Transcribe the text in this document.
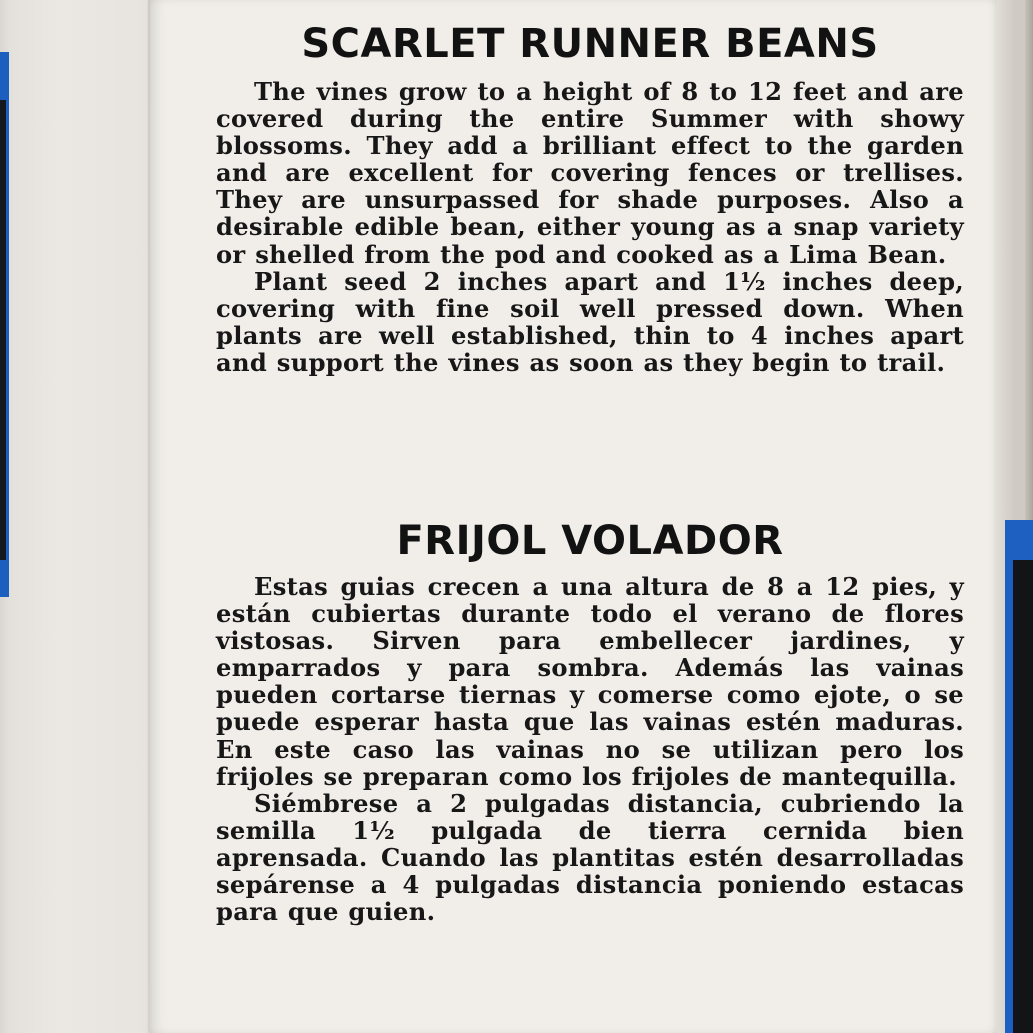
SCARLET RUNNER BEANS

The vines grow to a height of 8 to 12 feet and are covered during the entire Summer with showy blossoms. They add a brilliant effect to the garden and are excellent for covering fences or trellises. They are unsurpassed for shade purposes. Also a desirable edible bean, either young as a snap variety or shelled from the pod and cooked as a Lima Bean.

Plant seed 2 inches apart and 1½ inches deep, covering with fine soil well pressed down. When plants are well established, thin to 4 inches apart and support the vines as soon as they begin to trail.

FRIJOL VOLADOR

Estas guias crecen a una altura de 8 a 12 pies, y están cubiertas durante todo el verano de flores vistosas. Sirven para embellecer jardines, y emparrados y para sombra. Además las vainas pueden cortarse tiernas y comerse como ejote, o se puede esperar hasta que las vainas estén maduras. En este caso las vainas no se utilizan pero los frijoles se preparan como los frijoles de mantequilla.

Siémbrese a 2 pulgadas distancia, cubriendo la semilla 1½ pulgada de tierra cernida bien aprensada. Cuando las plantitas estén desarrolladas sepárense a 4 pulgadas distancia poniendo estacas para que guien.
